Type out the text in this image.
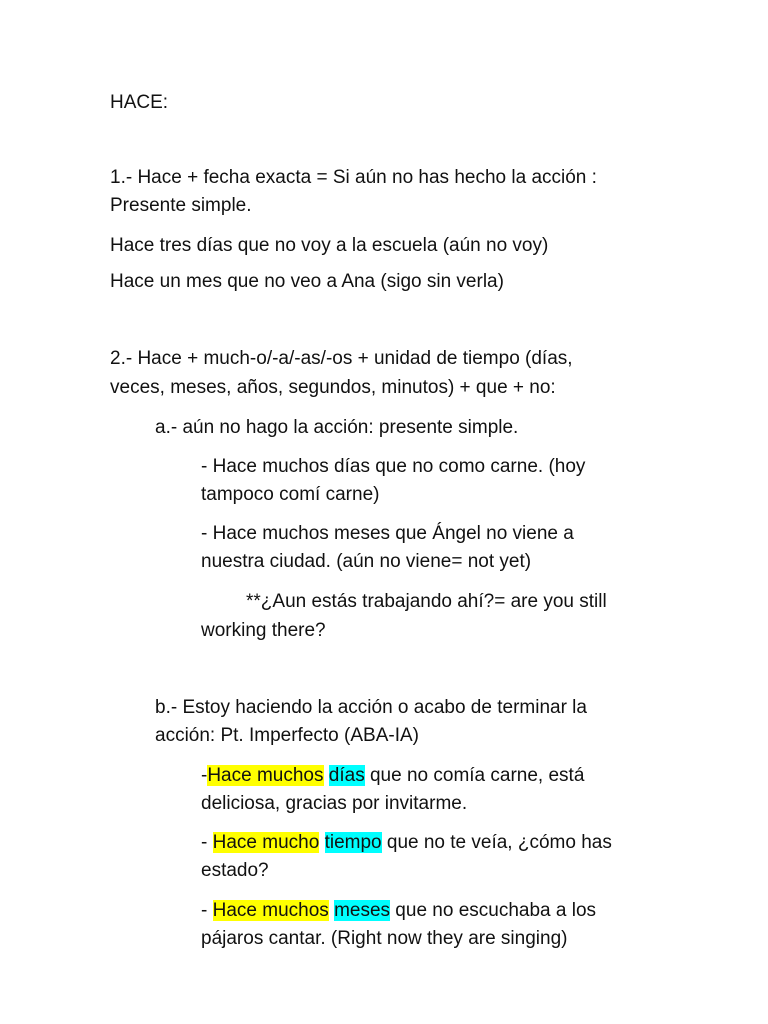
HACE:

1.- Hace + fecha exacta = Si aún no has hecho la acción :

Presente simple.

Hace tres días que no voy a la escuela (aún no voy)

Hace un mes que no veo a Ana (sigo sin verla)

2.- Hace + much-o/-a/-as/-os + unidad de tiempo (días,

veces, meses, años, segundos, minutos) + que + no:

a.- aún no hago la acción: presente simple.

- Hace muchos días que no como carne. (hoy

tampoco comí carne)

- Hace muchos meses que Ángel no viene a

nuestra ciudad. (aún no viene= not yet)

**¿Aun estás trabajando ahí?= are you still

working there?

b.- Estoy haciendo la acción o acabo de terminar la

acción: Pt. Imperfecto (ABA-IA)

-Hace muchos días que no comía carne, está

deliciosa, gracias por invitarme.

- Hace mucho tiempo que no te veía, ¿cómo has

estado?

- Hace muchos meses que no escuchaba a los

pájaros cantar. (Right now they are singing)
